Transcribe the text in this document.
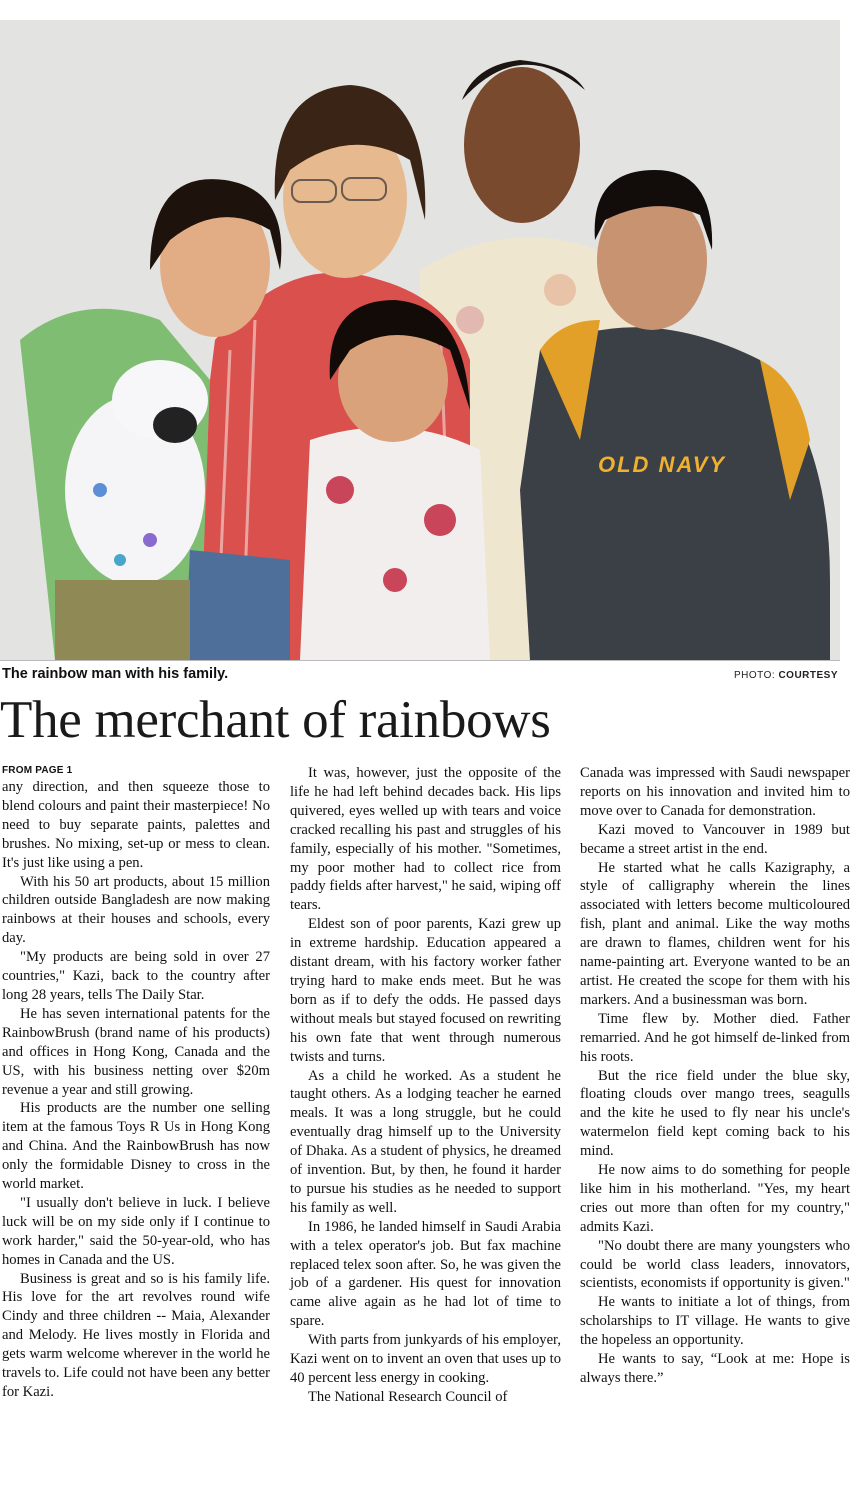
OLD NAVY
The rainbow man with his family.	PHOTO: COURTESY
The merchant of rainbows
FROM PAGE 1

any direction, and then squeeze those to blend colours and paint their masterpiece! No need to buy separate paints, palettes and brushes. No mixing, set-up or mess to clean. It's just like using a pen.

With his 50 art products, about 15 million children outside Bangladesh are now making rainbows at their houses and schools, every day.

"My products are being sold in over 27 countries," Kazi, back to the country after long 28 years, tells The Daily Star.

He has seven international patents for the RainbowBrush (brand name of his products) and offices in Hong Kong, Canada and the US, with his business netting over $20m revenue a year and still growing.

His products are the number one selling item at the famous Toys R Us in Hong Kong and China. And the RainbowBrush has now only the formidable Disney to cross in the world market.

"I usually don't believe in luck. I believe luck will be on my side only if I continue to work harder," said the 50-year-old, who has homes in Canada and the US.

Business is great and so is his family life. His love for the art revolves round wife Cindy and three children -- Maia, Alexander and Melody. He lives mostly in Florida and gets warm welcome wherever in the world he travels to. Life could not have been any better for Kazi.

It was, however, just the opposite of the life he had left behind decades back. His lips quivered, eyes welled up with tears and voice cracked recalling his past and struggles of his family, especially of his mother. "Sometimes, my poor mother had to collect rice from paddy fields after harvest," he said, wiping off tears.

Eldest son of poor parents, Kazi grew up in extreme hardship. Education appeared a distant dream, with his factory worker father trying hard to make ends meet. But he was born as if to defy the odds. He passed days without meals but stayed focused on rewriting his own fate that went through numerous twists and turns.

As a child he worked. As a student he taught others. As a lodging teacher he earned meals. It was a long struggle, but he could eventually drag himself up to the University of Dhaka. As a student of physics, he dreamed of invention. But, by then, he found it harder to pursue his studies as he needed to support his family as well.

In 1986, he landed himself in Saudi Arabia with a telex operator's job. But fax machine replaced telex soon after. So, he was given the job of a gardener. His quest for innovation came alive again as he had lot of time to spare.

With parts from junkyards of his employer, Kazi went on to invent an oven that uses up to 40 percent less energy in cooking.

The National Research Council of

Canada was impressed with Saudi newspaper reports on his innovation and invited him to move over to Canada for demonstration.

Kazi moved to Vancouver in 1989 but became a street artist in the end.

He started what he calls Kazigraphy, a style of calligraphy wherein the lines associated with letters become multicoloured fish, plant and animal. Like the way moths are drawn to flames, children went for his name-painting art. Everyone wanted to be an artist. He created the scope for them with his markers. And a businessman was born.

Time flew by. Mother died. Father remarried. And he got himself de-linked from his roots.

But the rice field under the blue sky, floating clouds over mango trees, seagulls and the kite he used to fly near his uncle's watermelon field kept coming back to his mind.

He now aims to do something for people like him in his motherland. "Yes, my heart cries out more than often for my country," admits Kazi.

"No doubt there are many youngsters who could be world class leaders, innovators, scientists, economists if opportunity is given."

He wants to initiate a lot of things, from scholarships to IT village. He wants to give the hopeless an opportunity.

He wants to say, “Look at me: Hope is always there.”
